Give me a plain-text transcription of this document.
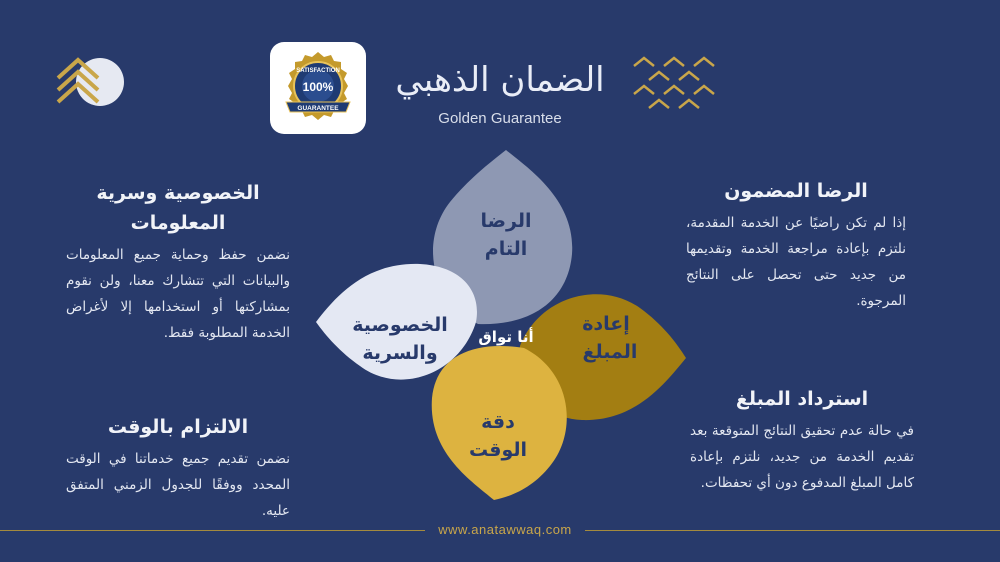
SATISFACTION
100%
GUARANTEE
الضمان الذهبي
Golden Guarantee
الخصوصية وسرية المعلومات

نضمن حفظ وحماية جميع المعلومات والبيانات التي تتشارك معنا، ولن نقوم بمشاركتها أو استخدامها إلا لأغراض الخدمة المطلوبة فقط.

الالتزام بالوقت

نضمن تقديم جميع خدماتنا في الوقت المحدد ووفقًا للجدول الزمني المتفق عليه.

الرضا المضمون

إذا لم تكن راضيًا عن الخدمة المقدمة، نلتزم بإعادة مراجعة الخدمة وتقديمها من جديد حتى تحصل على النتائج المرجوة.

استرداد المبلغ

في حالة عدم تحقيق النتائج المتوقعة بعد تقديم الخدمة من جديد، نلتزم بإعادة كامل المبلغ المدفوع دون أي تحفظات.

الرضا
التام
إعادة
المبلغ
دقة
الوقت
الخصوصية
والسرية
أنا تواق
www.anatawwaq.com
